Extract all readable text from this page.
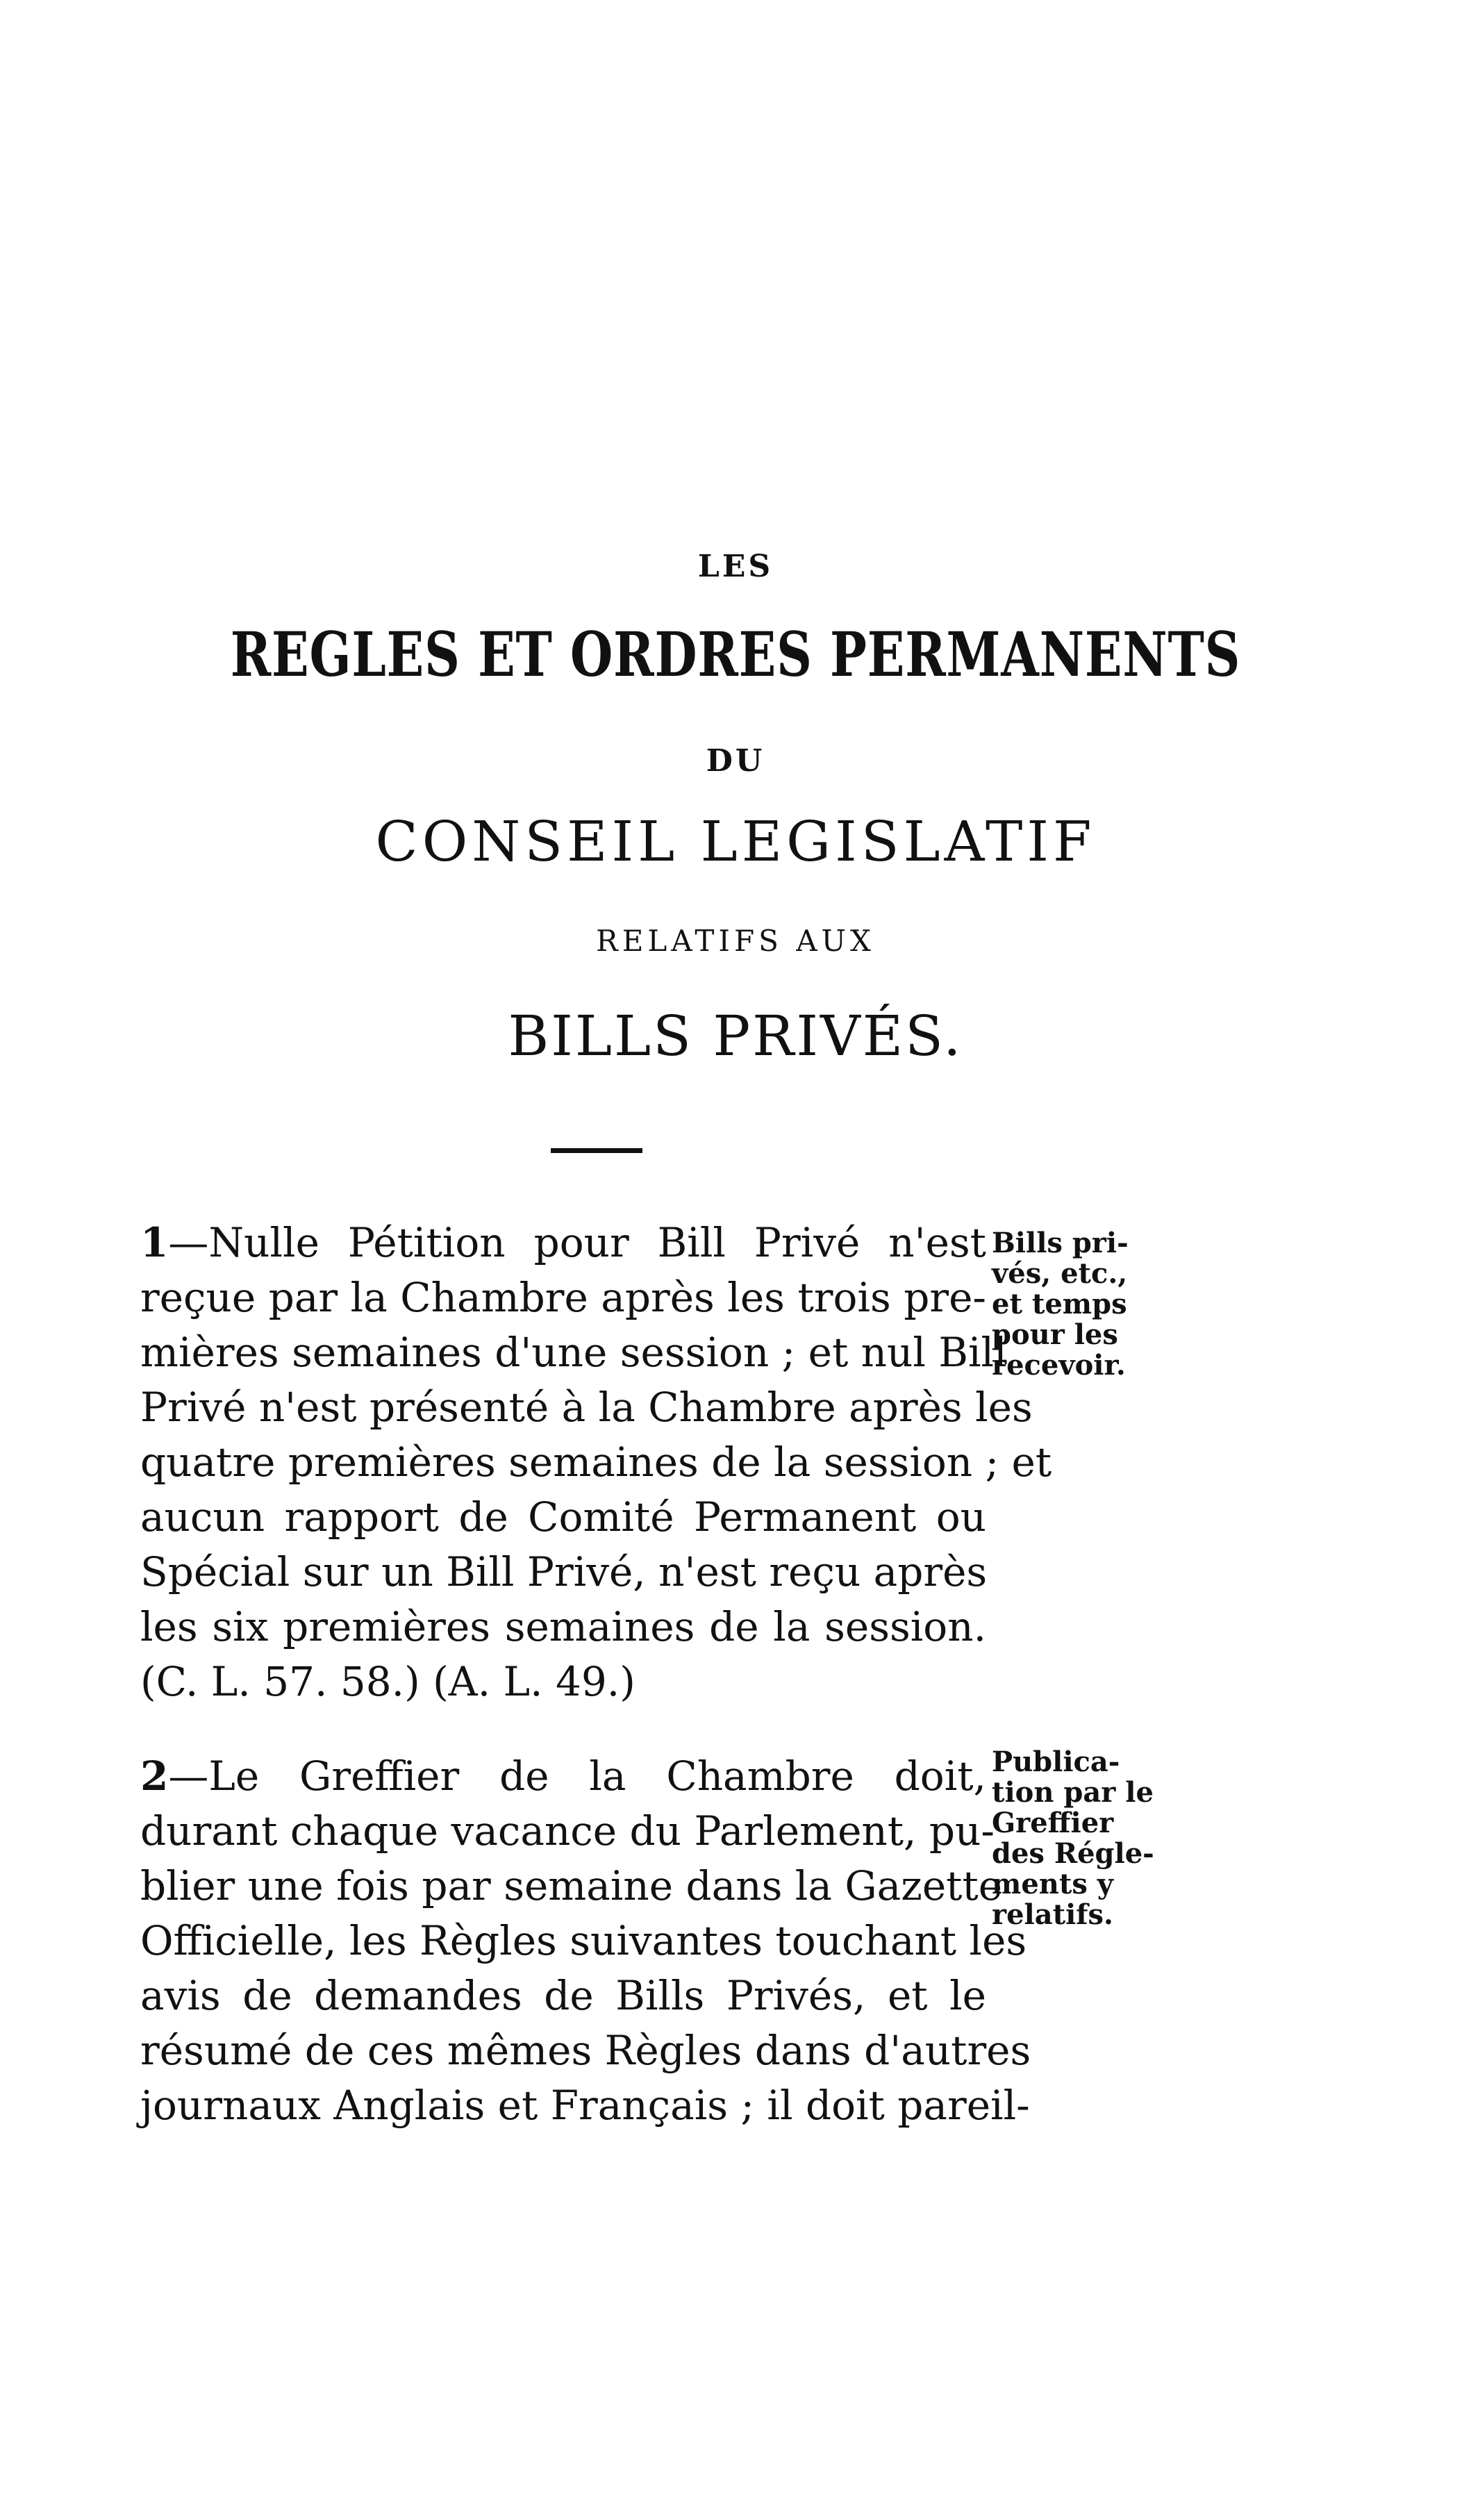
LES
REGLES ET ORDRES PERMANENTS
DU
CONSEIL LEGISLATIF
RELATIFS AUX
BILLS PRIVÉS.
1—Nulle Pétition pour Bill Privé n'est
reçue par la Chambre après les trois pre-
mières semaines d'une session ; et nul Bill
Privé n'est présenté à la Chambre après les
quatre premières semaines de la session ; et
aucun rapport de Comité Permanent ou
Spécial sur un Bill Privé, n'est reçu après
les six premières semaines de la session.
(C. L. 57. 58.) (A. L. 49.)
Bills pri-
vés, etc.,
et temps
pour les
recevoir.
2—Le Greffier de la Chambre doit,
durant chaque vacance du Parlement, pu-
blier une fois par semaine dans la Gazette
Officielle, les Règles suivantes touchant les
avis de demandes de Bills Privés, et le
résumé de ces mêmes Règles dans d'autres
journaux Anglais et Français ; il doit pareil-
Publica-
tion par le
Greffier
des Régle-
ments y
relatifs.
